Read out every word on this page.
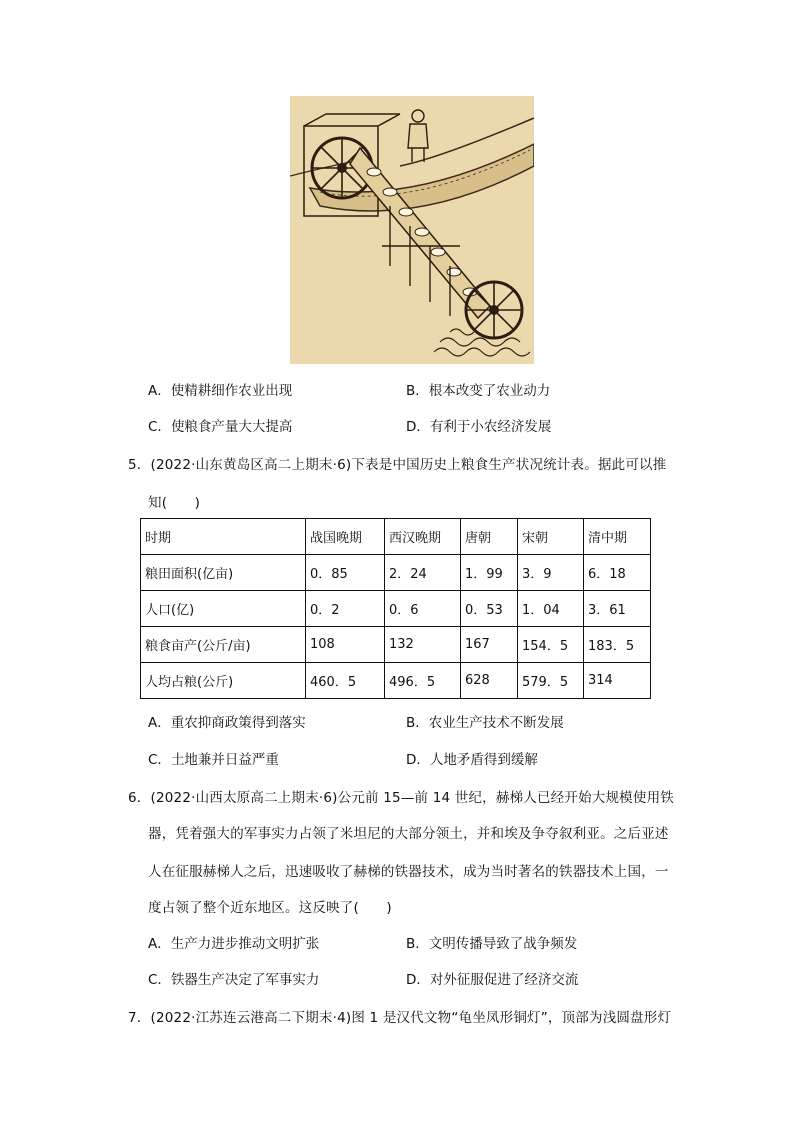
A．使精耕细作农业出现	B．根本改变了农业动力
C．使粮食产量大大提高	D．有利于小农经济发展
5．(2022·山东黄岛区高二上期末·6)下表是中国历史上粮食生产状况统计表。据此可以推
知(　　)
时期	战国晚期	西汉晚期	唐朝	宋朝	清中期
粮田面积(亿亩)	0．85	2．24	1．99	3．9	6．18
人口(亿)	0．2	0．6	0．53	1．04	3．61
粮食亩产(公斤/亩)	108	132	167	154．5	183．5
人均占粮(公斤)	460．5	496．5	628	579．5	314
A．重农抑商政策得到落实	B．农业生产技术不断发展
C．土地兼并日益严重	D．人地矛盾得到缓解
6．(2022·山西太原高二上期末·6)公元前 15—前 14 世纪，赫梯人已经开始大规模使用铁
器，凭着强大的军事实力占领了米坦尼的大部分领土，并和埃及争夺叙利亚。之后亚述
人在征服赫梯人之后，迅速吸收了赫梯的铁器技术，成为当时著名的铁器技术上国，一
度占领了整个近东地区。这反映了(　　)
A．生产力进步推动文明扩张	B．文明传播导致了战争频发
C．铁器生产决定了军事实力	D．对外征服促进了经济交流
7．(2022·江苏连云港高二下期末·4)图 1 是汉代文物“龟坐凤形铜灯”，顶部为浅圆盘形灯
